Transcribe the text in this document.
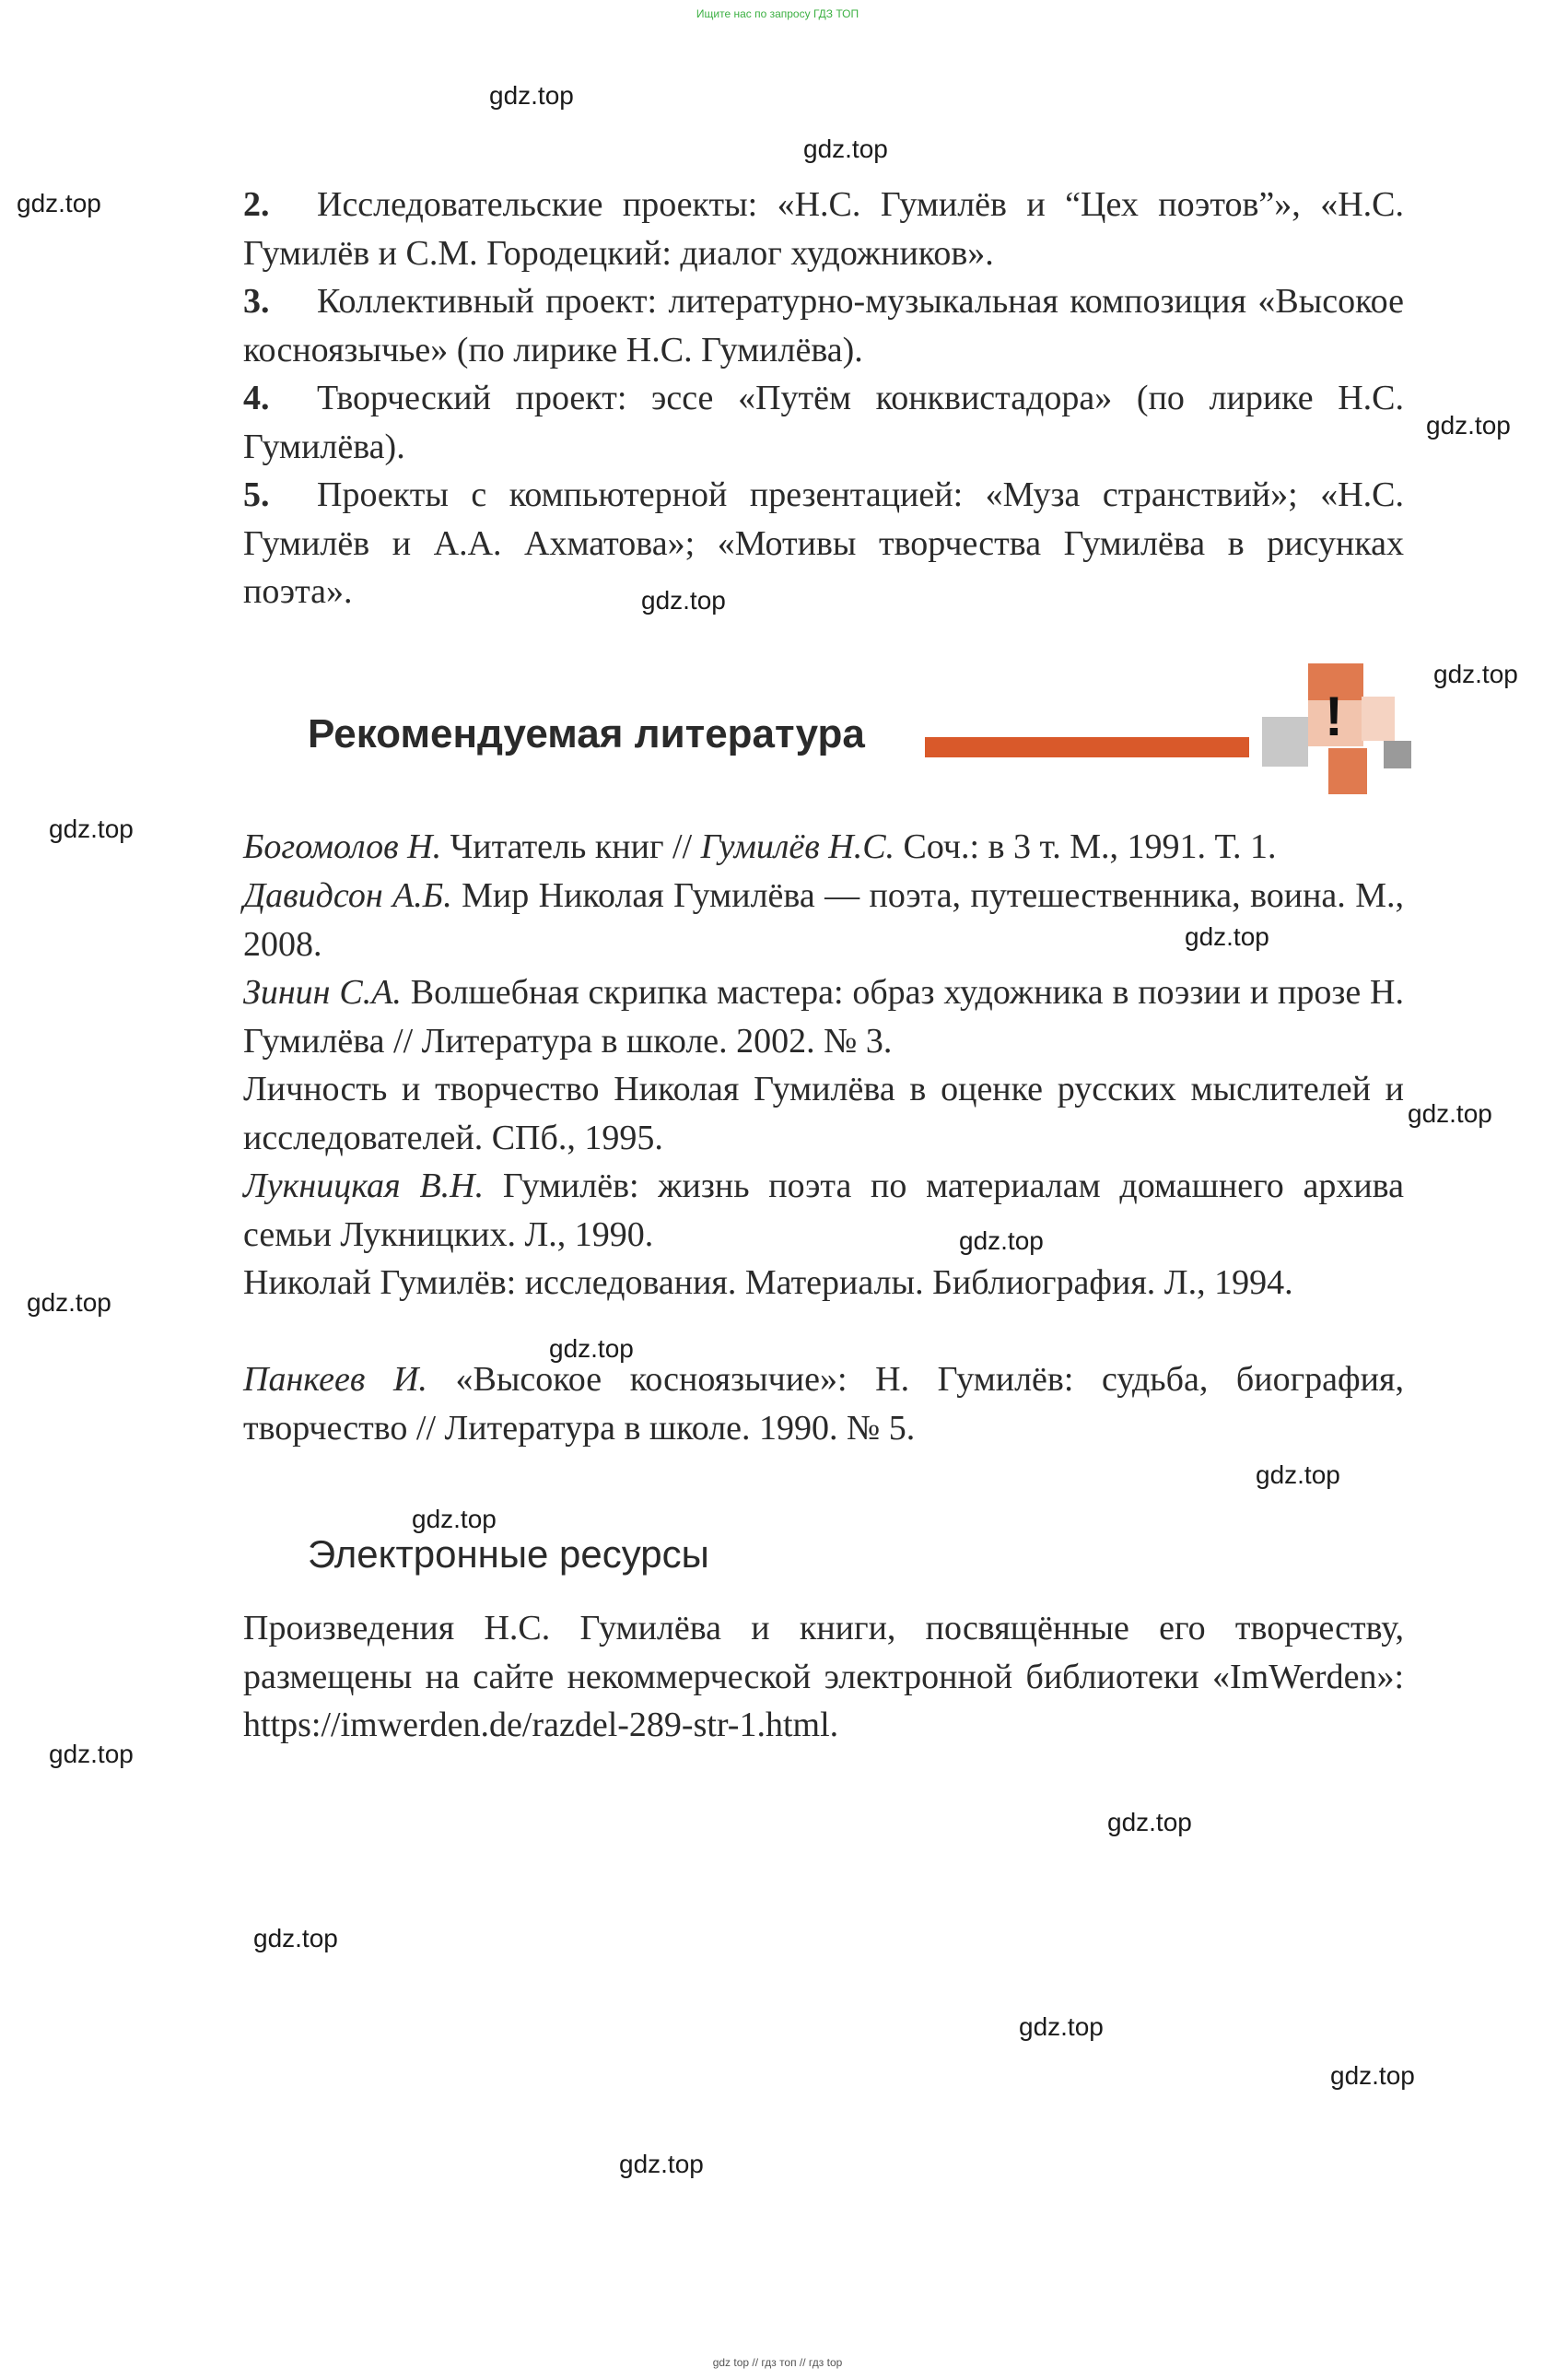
Ищите нас по запросу ГДЗ ТОП
gdz.top
gdz.top
gdz.top
gdz.top
gdz.top
gdz.top
gdz.top
gdz.top
gdz.top
gdz.top
gdz.top
gdz.top
gdz.top
gdz.top
gdz.top
gdz.top
gdz.top
gdz.top
gdz.top
gdz.top
2. Исследовательские проекты: «Н.С. Гумилёв и “Цех поэтов”», «Н.С. Гумилёв и С.М. Городецкий: диалог художников».
3. Коллективный проект: литературно-музыкальная композиция «Высокое косноязычье» (по лирике Н.С. Гумилёва).
4. Творческий проект: эссе «Путём конквистадора» (по лирике Н.С. Гумилёва).
5. Проекты с компьютерной презентацией: «Муза странствий»; «Н.С. Гумилёв и А.А. Ахматова»; «Мотивы творчества Гумилёва в рисунках поэта».
Рекомендуемая литература	!
Богомолов Н. Читатель книг // Гумилёв Н.С. Соч.: в 3 т. М., 1991. Т. 1.
Давидсон А.Б. Мир Николая Гумилёва — поэта, путешественника, воина. М., 2008.
Зинин С.А. Волшебная скрипка мастера: образ художника в поэзии и прозе Н. Гумилёва // Литература в школе. 2002. № 3.
Личность и творчество Николая Гумилёва в оценке русских мыслителей и исследователей. СПб., 1995.
Лукницкая В.Н. Гумилёв: жизнь поэта по материалам домашнего архива семьи Лукницких. Л., 1990.
Николай Гумилёв: исследования. Материалы. Библиография. Л., 1994.
Панкеев И. «Высокое косноязычие»: Н. Гумилёв: судьба, биография, творчество // Литература в школе. 1990. № 5.
Электронные ресурсы
Произведения Н.С. Гумилёва и книги, посвящённые его творчеству, размещены на сайте некоммерческой электронной библиотеки «ImWerden»: https://imwerden.de/razdel-289-str-1.html.
gdz top // гдз топ // гдз top
